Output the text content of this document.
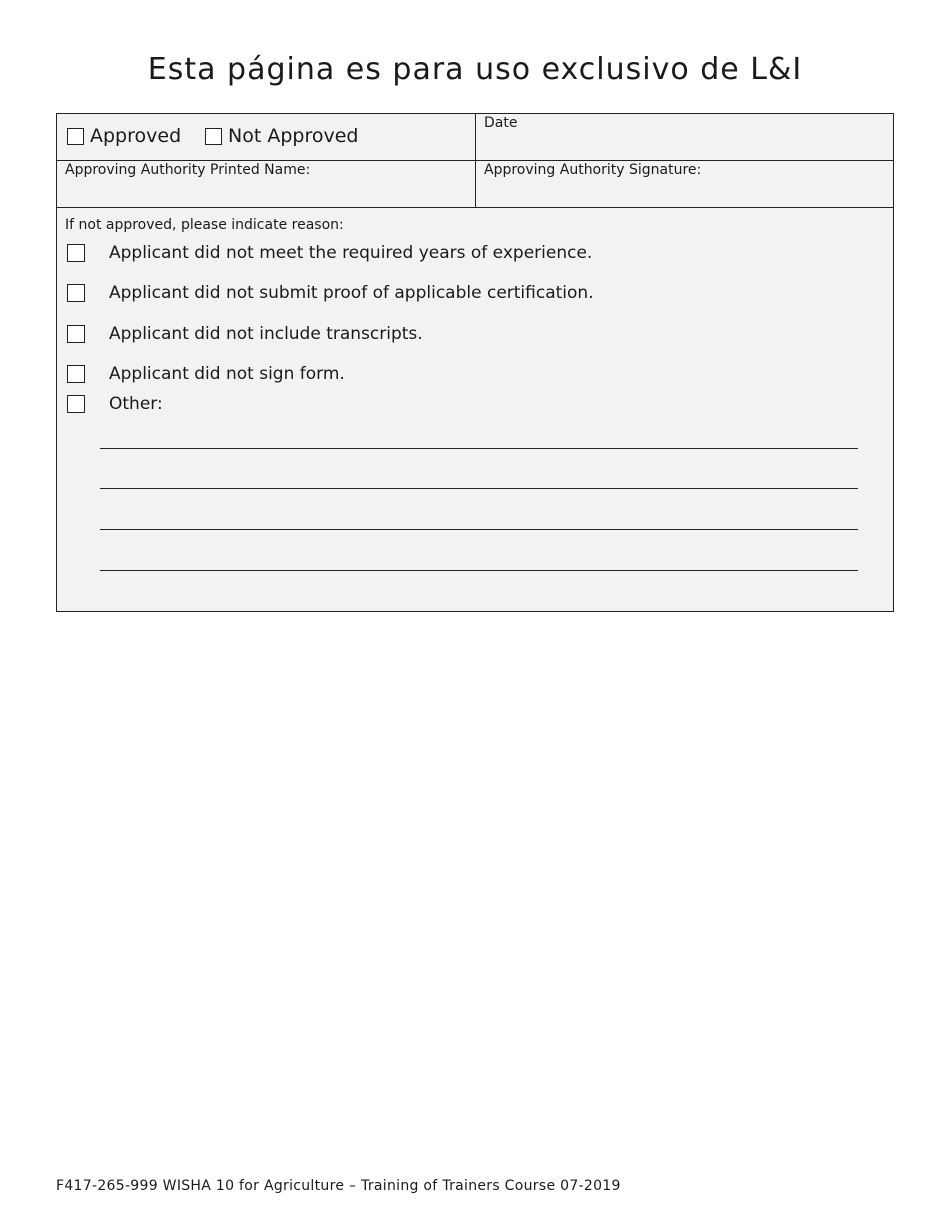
Esta página es para uso exclusivo de L&I
Approved Not Approved
Date
Approving Authority Printed Name:	Approving Authority Signature:
If not approved, please indicate reason:
Applicant did not meet the required years of experience.
Applicant did not submit proof of applicable certification.
Applicant did not include transcripts.
Applicant did not sign form.
Other:
F417-265-999 WISHA 10 for Agriculture – Training of Trainers Course 07-2019
